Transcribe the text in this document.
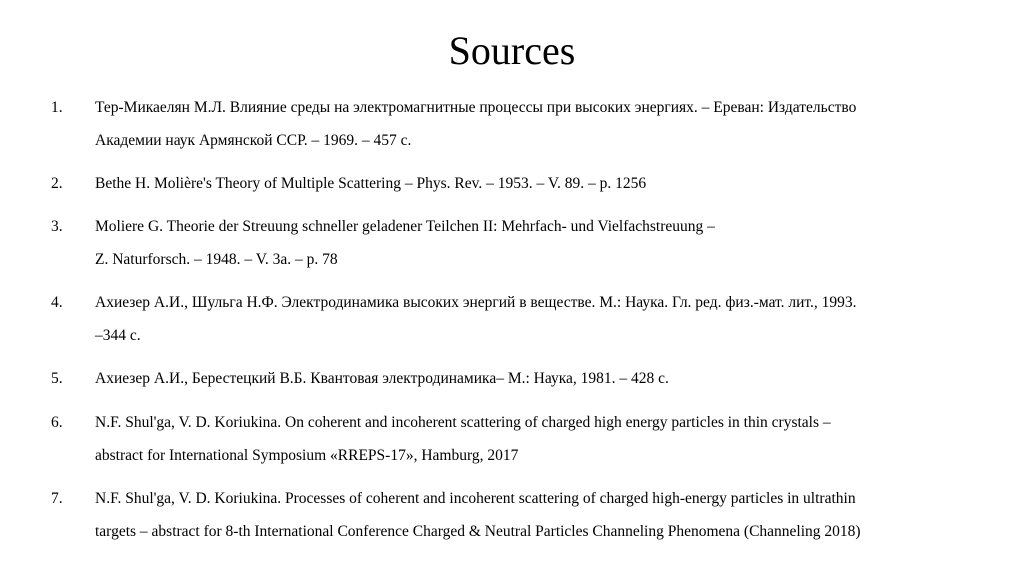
Sources
1. Тер-Микаелян М.Л. Влияние среды на электромагнитные процессы при высоких энергиях. – Ереван: Издательство
Академии наук Армянской ССР. – 1969. – 457 с.
2. Bethe H. Molière's Theory of Multiple Scattering – Phys. Rev. – 1953. – V. 89. – p. 1256
3. Moliere G. Theorie der Streuung schneller geladener Teilchen II: Mehrfach- und Vielfachstreuung –
Z. Naturforsch. – 1948. – V. 3a. – p. 78
4. Ахиезер А.И., Шульга Н.Ф. Электродинамика высоких энергий в веществе. М.: Наука. Гл. ред. физ.-мат. лит., 1993.
–344 с.
5. Ахиезер А.И., Берестецкий В.Б. Квантовая электродинамика– М.: Наука, 1981. – 428 с.
6. N.F. Shul'ga, V. D. Koriukina. On coherent and incoherent scattering of charged high energy particles in thin crystals –
abstract for International Symposium «RREPS-17», Hamburg, 2017
7. N.F. Shul'ga, V. D. Koriukina. Processes of coherent and incoherent scattering of charged high-energy particles in ultrathin
targets – abstract for 8-th International Conference Charged & Neutral Particles Channeling Phenomena (Channeling 2018)
